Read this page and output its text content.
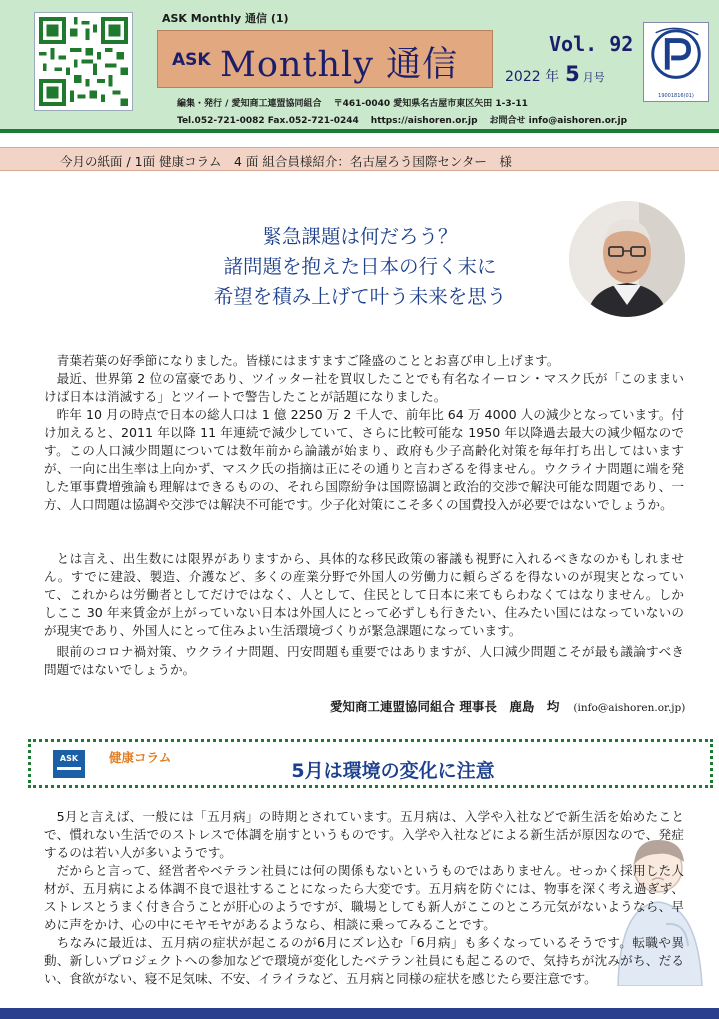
ASK Monthly 通信 (1)
ASK Monthly 通信
Vol. 92
2022 年 5 月号
19001816(01)
編集・発行 / 愛知商工連盟協同組合 〒461-0040 愛知県名古屋市東区矢田 1-3-11
Tel.052-721-0082 Fax.052-721-0244 https://aishoren.or.jp お問合せ info@aishoren.or.jp
今月の紙面 / 1面 健康コラム　4 面 組合員様紹介：名古屋ろう国際センター　様
緊急課題は何だろう？
諸問題を抱えた日本の行く末に
希望を積み上げて叶う未来を思う
青葉若葉の好季節になりました。皆様にはますますご隆盛のこととお喜び申し上げます。
最近、世界第 2 位の富豪であり、ツイッター社を買収したことでも有名なイーロン・マスク氏が「このままいけば日本は消滅する」とツイートで警告したことが話題になりました。
昨年 10 月の時点で日本の総人口は 1 億 2250 万 2 千人で、前年比 64 万 4000 人の減少となっています。付け加えると、2011 年以降 11 年連続で減少していて、さらに比較可能な 1950 年以降過去最大の減少幅なのです。この人口減少問題については数年前から論議が始まり、政府も少子高齢化対策を毎年打ち出してはいますが、一向に出生率は上向かず、マスク氏の指摘は正にその通りと言わざるを得ません。ウクライナ問題に端を発した軍事費増強論も理解はできるものの、それら国際紛争は国際協調と政治的交渉で解決可能な問題であり、一方、人口問題は協調や交渉では解決不可能です。少子化対策にこそ多くの国費投入が必要ではないでしょうか。
とは言え、出生数には限界がありますから、具体的な移民政策の審議も視野に入れるべきなのかもしれません。すでに建設、製造、介護など、多くの産業分野で外国人の労働力に頼らざるを得ないのが現実となっていて、これからは労働者としてだけではなく、人として、住民として日本に来てもらわなくてはなりません。しかしここ 30 年来賃金が上がっていない日本は外国人にとって必ずしも行きたい、住みたい国にはなっていないのが現実であり、外国人にとって住みよい生活環境づくりが緊急課題になっています。
眼前のコロナ禍対策、ウクライナ問題、円安問題も重要ではありますが、人口減少問題こそが最も議論すべき問題ではないでしょうか。
愛知商工連盟協同組合 理事長　鹿島　均 (info@aishoren.or.jp)
ASK	健康コラム
5月は環境の変化に注意
5月と言えば、一般には「五月病」の時期とされています。五月病は、入学や入社などで新生活を始めたことで、慣れない生活でのストレスで体調を崩すというものです。入学や入社などによる新生活が原因なので、発症するのは若い人が多いようです。
だからと言って、経営者やベテラン社員には何の関係もないというものではありません。せっかく採用した人材が、五月病による体調不良で退社することになったら大変です。五月病を防ぐには、物事を深く考え過ぎず、ストレスとうまく付き合うことが肝心のようですが、職場としても新人がここのところ元気がないようなら、早めに声をかけ、心の中にモヤモヤがあるようなら、相談に乗ってみることです。
ちなみに最近は、五月病の症状が起こるのが6月にズレ込む「6月病」も多くなっているそうです。転職や異動、新しいプロジェクトへの参加などで環境が変化したベテラン社員にも起こるので、気持ちが沈みがち、だるい、食欲がない、寝不足気味、不安、イライラなど、五月病と同様の症状を感じたら要注意です。
